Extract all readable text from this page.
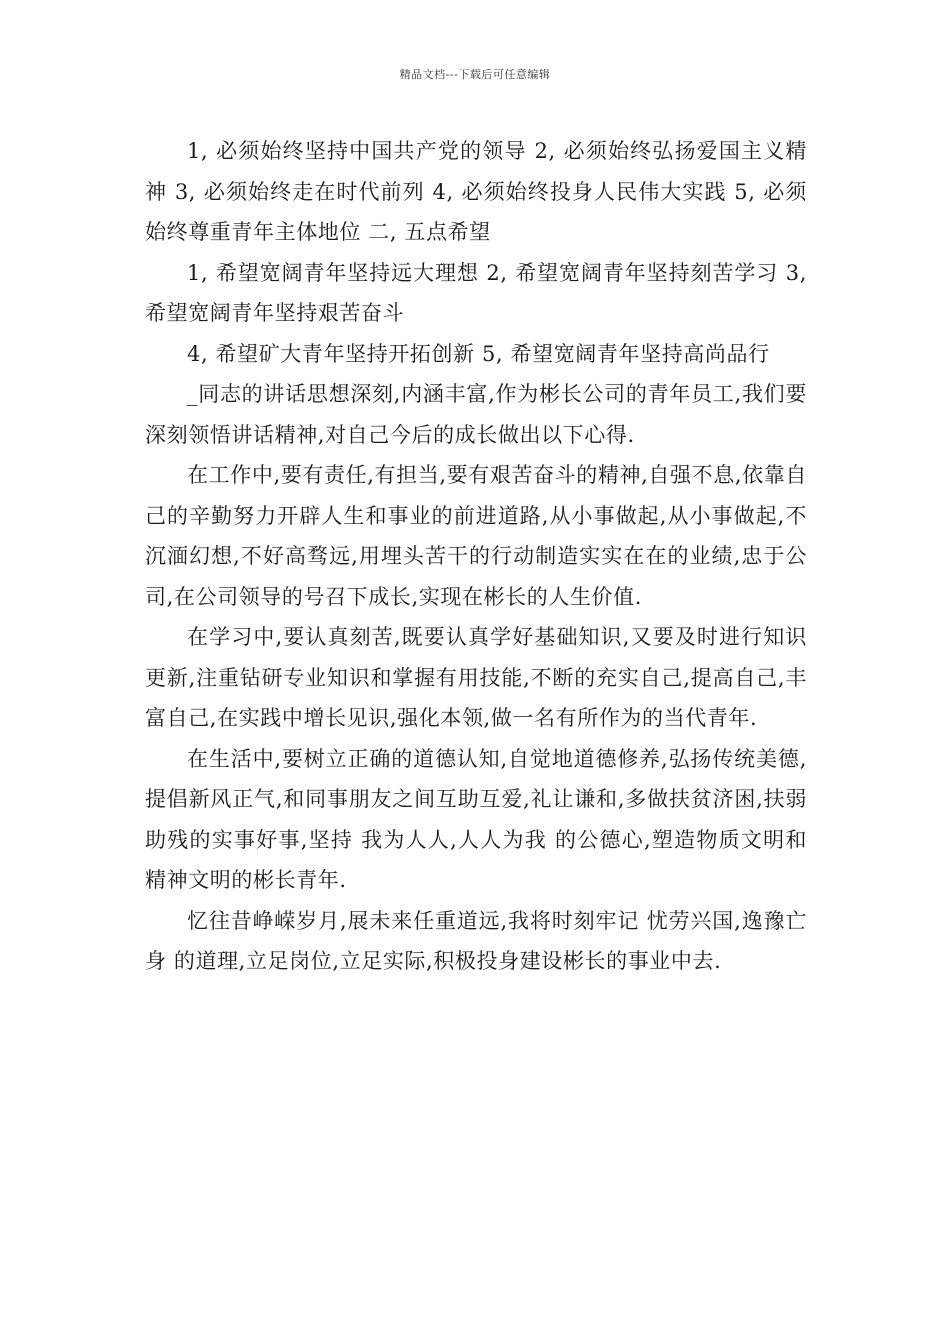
精品文档---下载后可任意编辑

1, 必须始终坚持中国共产党的领导 2, 必须始终弘扬爱国主义精神 3, 必须始终走在时代前列 4, 必须始终投身人民伟大实践 5, 必须始终尊重青年主体地位 二, 五点希望

1, 希望宽阔青年坚持远大理想 2, 希望宽阔青年坚持刻苦学习 3, 希望宽阔青年坚持艰苦奋斗

4, 希望矿大青年坚持开拓创新 5, 希望宽阔青年坚持高尚品行

_同志的讲话思想深刻,内涵丰富,作为彬长公司的青年员工,我们要深刻领悟讲话精神,对自己今后的成长做出以下心得.

在工作中,要有责任,有担当,要有艰苦奋斗的精神,自强不息,依靠自己的辛勤努力开辟人生和事业的前进道路,从小事做起,从小事做起,不沉湎幻想,不好高骛远,用埋头苦干的行动制造实实在在的业绩,忠于公司,在公司领导的号召下成长,实现在彬长的人生价值.

在学习中,要认真刻苦,既要认真学好基础知识,又要及时进行知识更新,注重钻研专业知识和掌握有用技能,不断的充实自己,提高自己,丰富自己,在实践中增长见识,强化本领,做一名有所作为的当代青年.

在生活中,要树立正确的道德认知,自觉地道德修养,弘扬传统美德,提倡新风正气,和同事朋友之间互助互爱,礼让谦和,多做扶贫济困,扶弱助残的实事好事,坚持 我为人人,人人为我 的公德心,塑造物质文明和精神文明的彬长青年.

忆往昔峥嵘岁月,展未来任重道远,我将时刻牢记 忧劳兴国,逸豫亡身 的道理,立足岗位,立足实际,积极投身建设彬长的事业中去.
